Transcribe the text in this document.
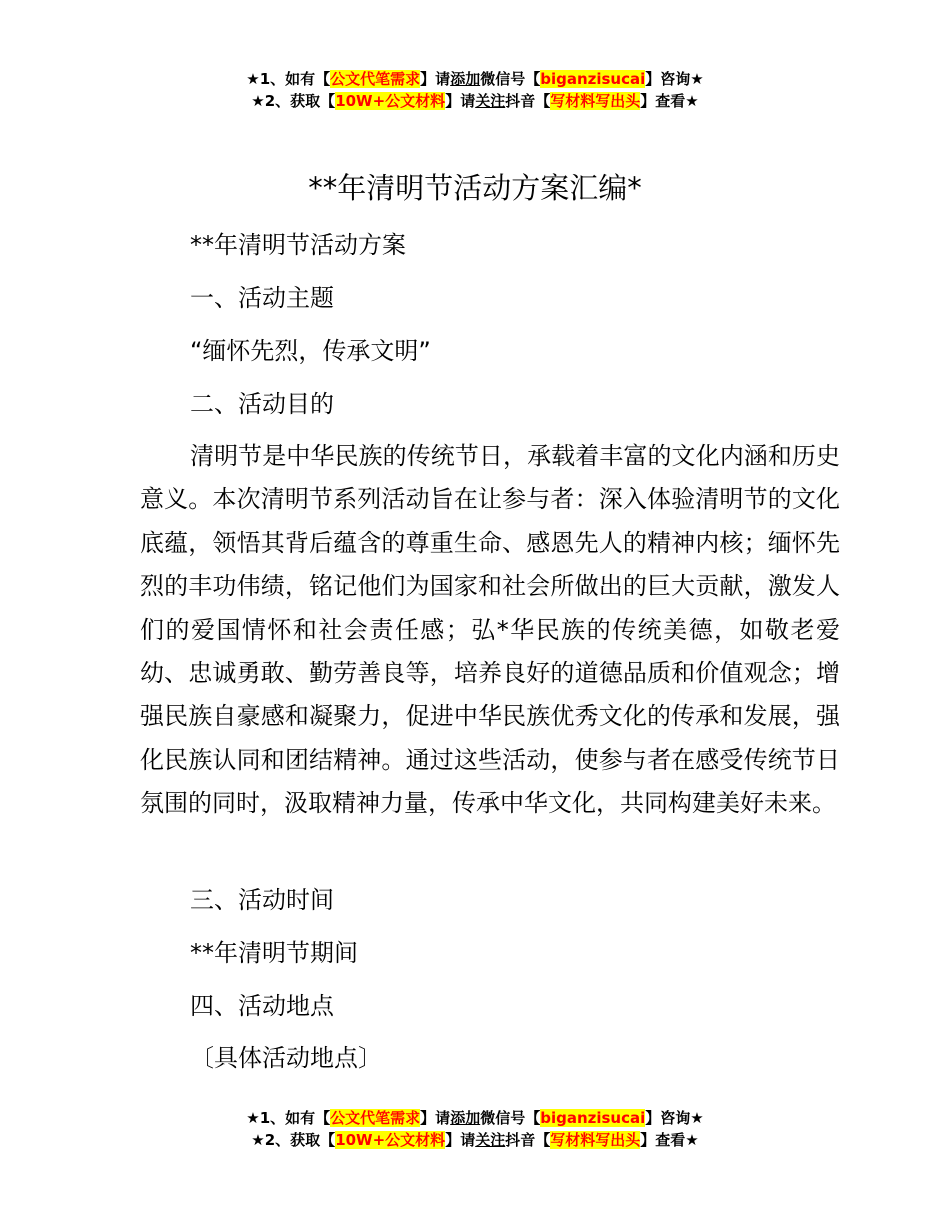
★1、如有【公文代笔需求】请添加微信号【biganzisucai】咨询★
★2、获取【10W+公文材料】请关注抖音【写材料写出头】查看★
**年清明节活动方案汇编*
**年清明节活动方案
一、活动主题
“缅怀先烈，传承文明”
二、活动目的
清明节是中华民族的传统节日，承载着丰富的文化内涵和历史意义。本次清明节系列活动旨在让参与者：深入体验清明节的文化底蕴，领悟其背后蕴含的尊重生命、感恩先人的精神内核；缅怀先烈的丰功伟绩，铭记他们为国家和社会所做出的巨大贡献，激发人们的爱国情怀和社会责任感；弘*华民族的传统美德，如敬老爱幼、忠诚勇敢、勤劳善良等，培养良好的道德品质和价值观念；增强民族自豪感和凝聚力，促进中华民族优秀文化的传承和发展，强化民族认同和团结精神。通过这些活动，使参与者在感受传统节日氛围的同时，汲取精神力量，传承中华文化，共同构建美好未来。
三、活动时间
**年清明节期间
四、活动地点
〔具体活动地点〕
★1、如有【公文代笔需求】请添加微信号【biganzisucai】咨询★
★2、获取【10W+公文材料】请关注抖音【写材料写出头】查看★
